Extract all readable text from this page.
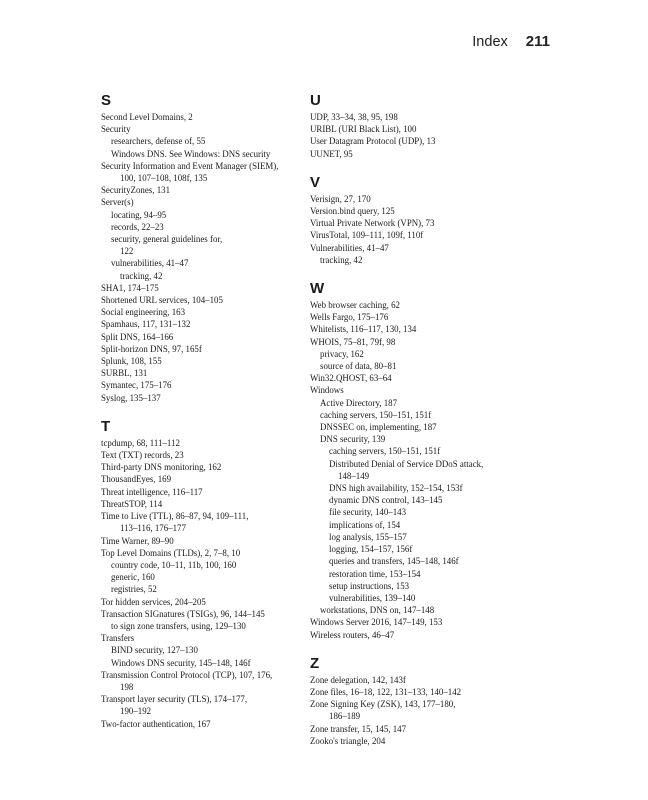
Index 211
S
Second Level Domains, 2
Security
researchers, defense of, 55
Windows DNS. See Windows: DNS security
Security Information and Event Manager (SIEM),
100, 107–108, 108f, 135
SecurityZones, 131
Server(s)
locating, 94–95
records, 22–23
security, general guidelines for,
122
vulnerabilities, 41–47
tracking, 42
SHA1, 174–175
Shortened URL services, 104–105
Social engineering, 163
Spamhaus, 117, 131–132
Split DNS, 164–166
Split-horizon DNS, 97, 165f
Splunk, 108, 155
SURBL, 131
Symantec, 175–176
Syslog, 135–137
T
tcpdump, 68, 111–112
Text (TXT) records, 23
Third-party DNS monitoring, 162
ThousandEyes, 169
Threat intelligence, 116–117
ThreatSTOP, 114
Time to Live (TTL), 86–87, 94, 109–111,
113–116, 176–177
Time Warner, 89–90
Top Level Domains (TLDs), 2, 7–8, 10
country code, 10–11, 11b, 100, 160
generic, 160
registries, 52
Tor hidden services, 204–205
Transaction SIGnatures (TSIGs), 96, 144–145
to sign zone transfers, using, 129–130
Transfers
BIND security, 127–130
Windows DNS security, 145–148, 146f
Transmission Control Protocol (TCP), 107, 176,
198
Transport layer security (TLS), 174–177,
190–192
Two-factor authentication, 167
U
UDP, 33–34, 38, 95, 198
URIBL (URI Black List), 100
User Datagram Protocol (UDP), 13
UUNET, 95
V
Verisign, 27, 170
Version.bind query, 125
Virtual Private Network (VPN), 73
VirusTotal, 109–111, 109f, 110f
Vulnerabilities, 41–47
tracking, 42
W
Web browser caching, 62
Wells Fargo, 175–176
Whitelists, 116–117, 130, 134
WHOIS, 75–81, 79f, 98
privacy, 162
source of data, 80–81
Win32.QHOST, 63–64
Windows
Active Directory, 187
caching servers, 150–151, 151f
DNSSEC on, implementing, 187
DNS security, 139
caching servers, 150–151, 151f
Distributed Denial of Service DDoS attack,
148–149
DNS high availability, 152–154, 153f
dynamic DNS control, 143–145
file security, 140–143
implications of, 154
log analysis, 155–157
logging, 154–157, 156f
queries and transfers, 145–148, 146f
restoration time, 153–154
setup instructions, 153
vulnerabilities, 139–140
workstations, DNS on, 147–148
Windows Server 2016, 147–149, 153
Wireless routers, 46–47
Z
Zone delegation, 142, 143f
Zone files, 16–18, 122, 131–133, 140–142
Zone Signing Key (ZSK), 143, 177–180,
186–189
Zone transfer, 15, 145, 147
Zooko's triangle, 204
